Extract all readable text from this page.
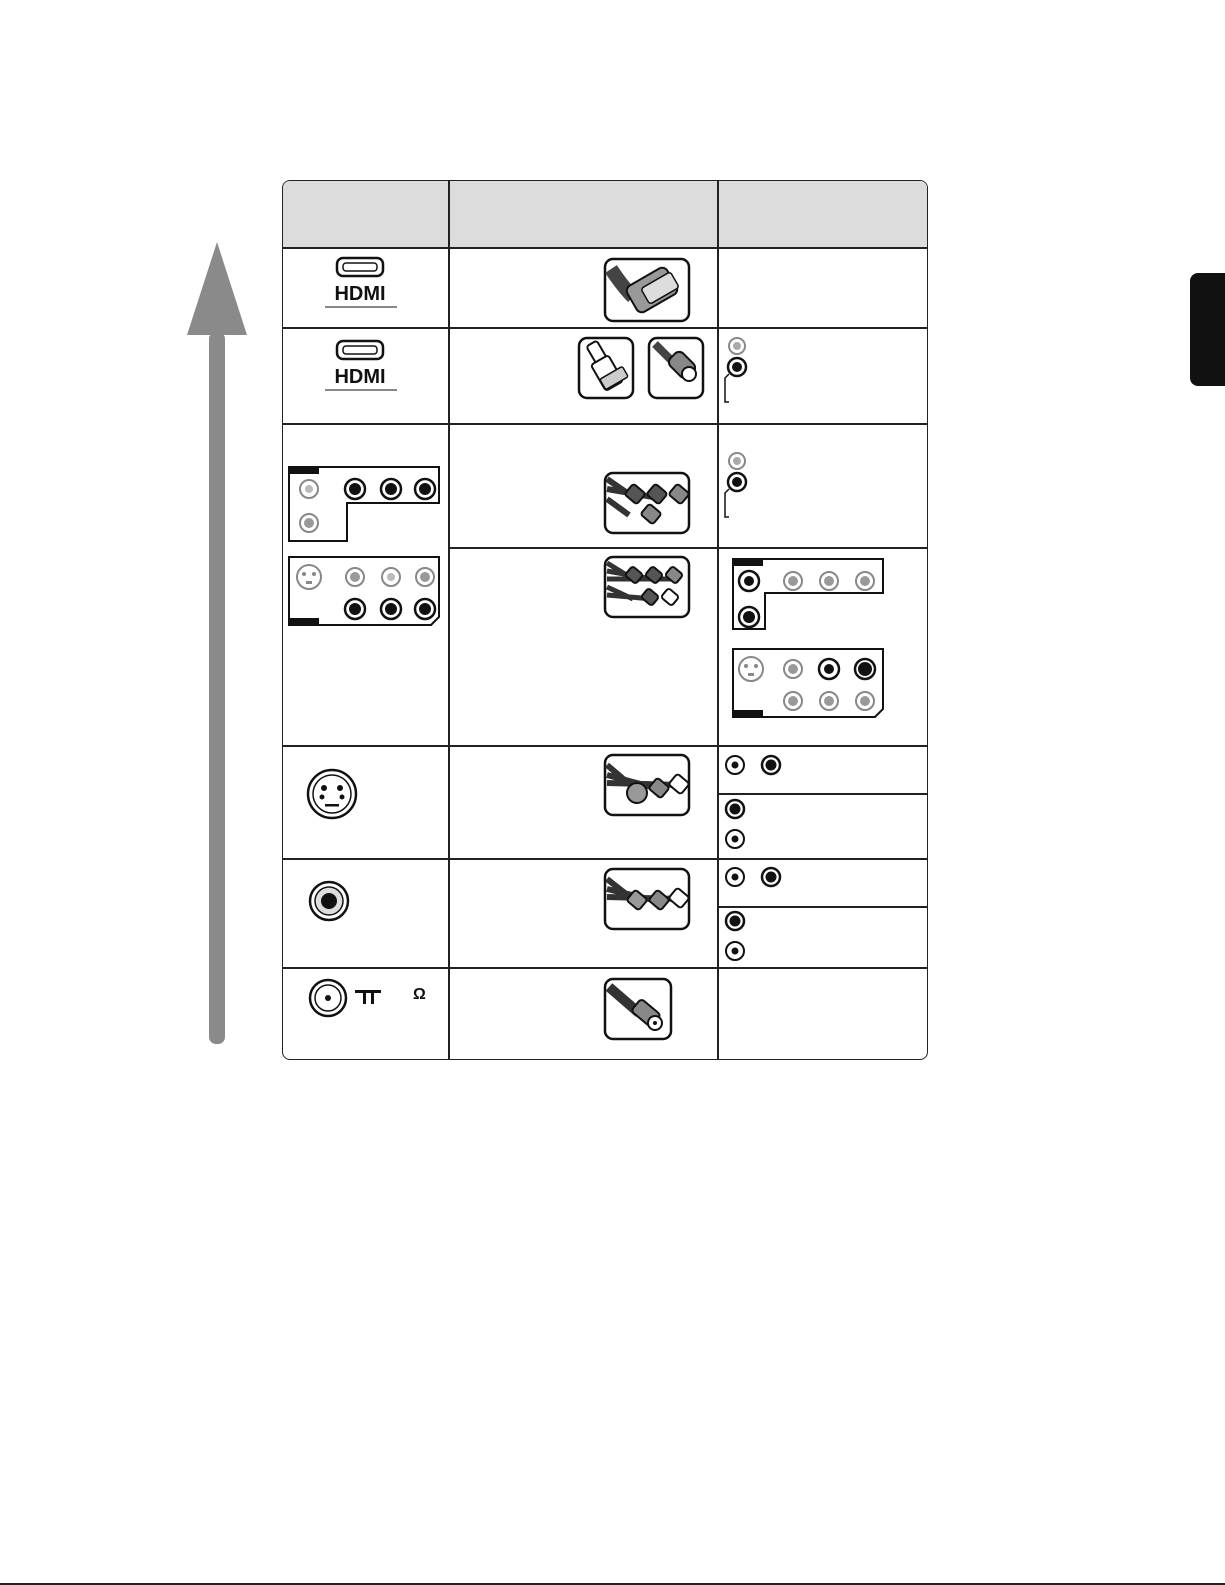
HDMI
HDMI
Ω
